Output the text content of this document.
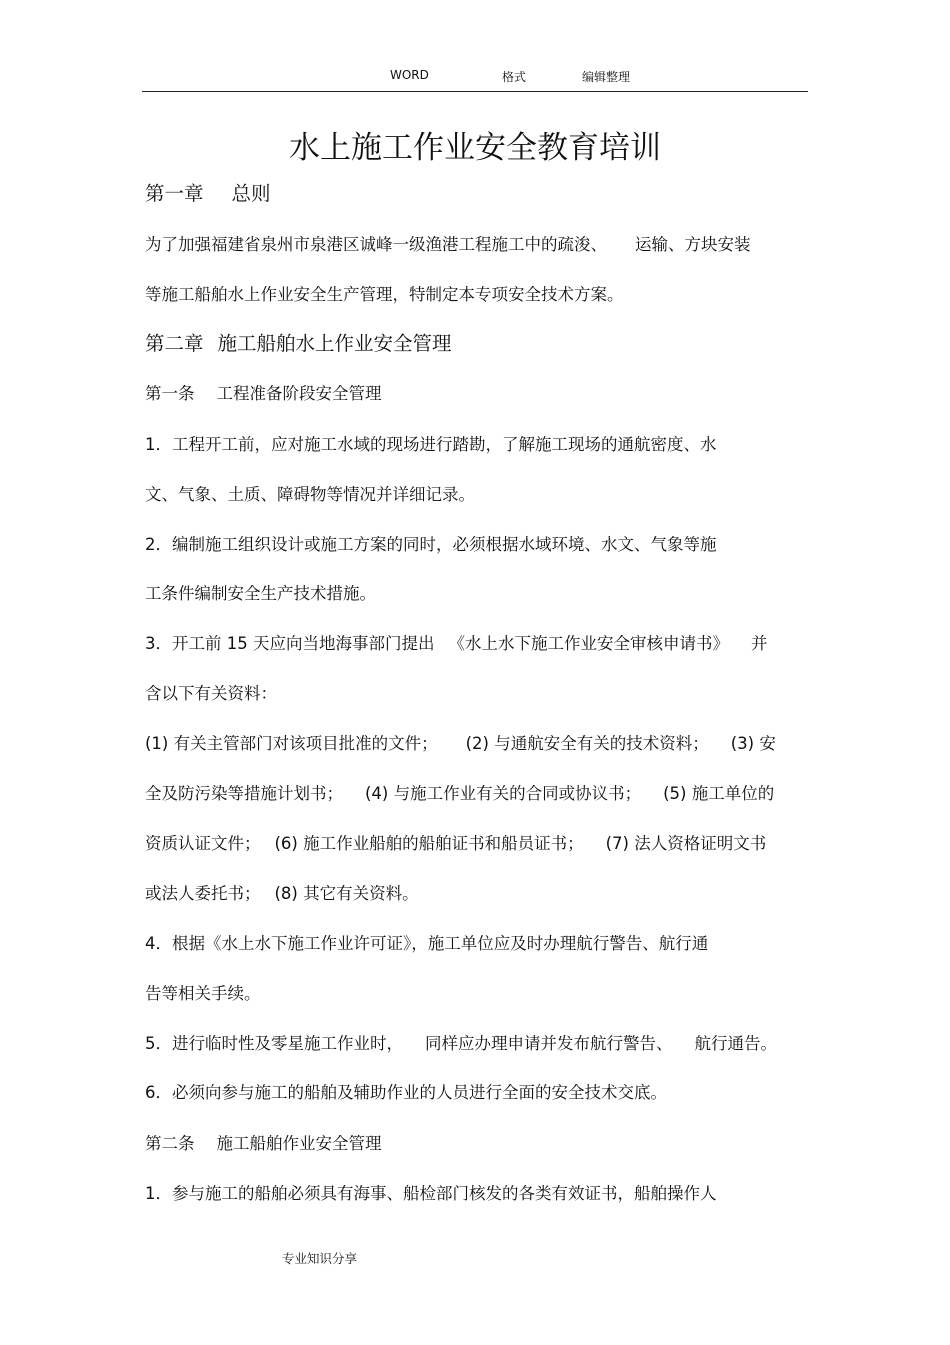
WORD	格式	编辑整理
水上施工作业安全教育培训
第一章 总则
为了加强福建省泉州市泉港区诚峰一级渔港工程施工中的疏浚、 运输、方块安装
等施工船舶水上作业安全生产管理，特制定本专项安全技术方案。
第二章 施工船舶水上作业安全管理
第一条 工程准备阶段安全管理
1．工程开工前，应对施工水域的现场进行踏勘，了解施工现场的通航密度、水
文、气象、土质、障碍物等情况并详细记录。
2．编制施工组织设计或施工方案的同时，必须根据水域环境、水文、气象等施
工条件编制安全生产技术措施。
3．开工前 15 天应向当地海事部门提出 《水上水下施工作业安全审核申请书》 并
含以下有关资料：
(1) 有关主管部门对该项目批准的文件； (2) 与通航安全有关的技术资料； (3) 安
全及防污染等措施计划书； (4) 与施工作业有关的合同或协议书； (5) 施工单位的
资质认证文件； (6) 施工作业船舶的船舶证书和船员证书； (7) 法人资格证明文书
或法人委托书； (8) 其它有关资料。
4．根据《水上水下施工作业许可证》，施工单位应及时办理航行警告、航行通
告等相关手续。
5．进行临时性及零星施工作业时， 同样应办理申请并发布航行警告、 航行通告。
6．必须向参与施工的船舶及辅助作业的人员进行全面的安全技术交底。
第二条 施工船舶作业安全管理
1．参与施工的船舶必须具有海事、船检部门核发的各类有效证书，船舶操作人
专业知识分享
